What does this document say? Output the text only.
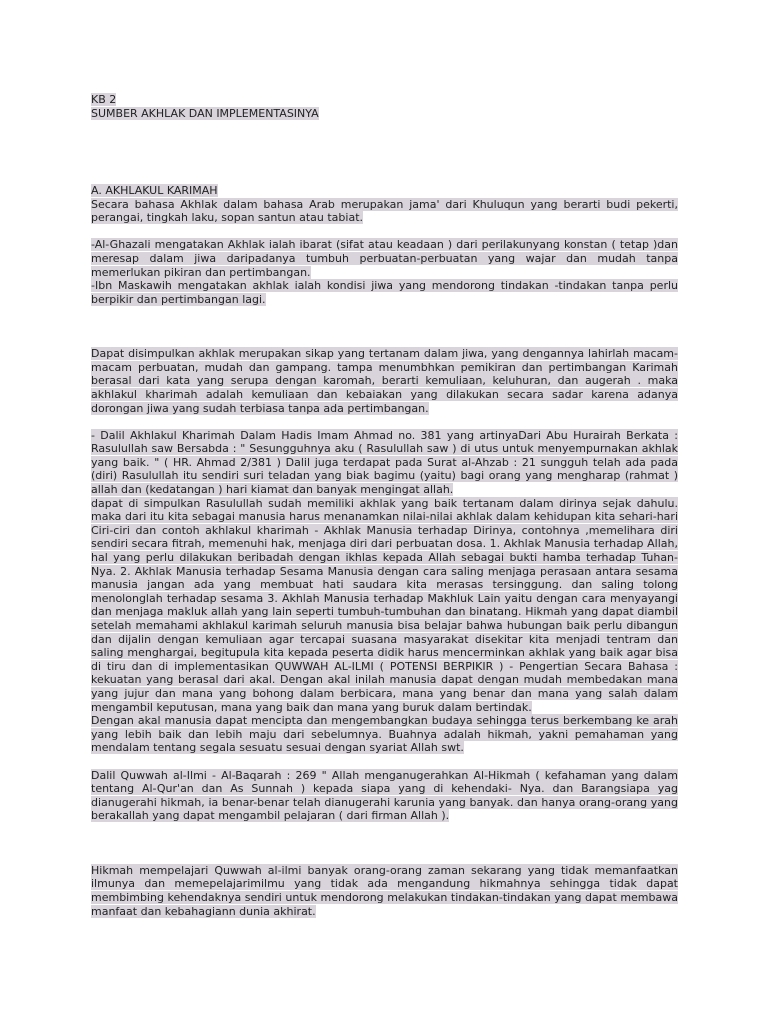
KB 2

SUMBER AKHLAK DAN IMPLEMENTASINYA

A. AKHLAKUL KARIMAH

Secara bahasa Akhlak dalam bahasa Arab merupakan jama' dari Khuluqun yang berarti budi pekerti, perangai, tingkah laku, sopan santun atau tabiat.

-Al-Ghazali mengatakan Akhlak ialah ibarat (sifat atau keadaan ) dari perilakunyang konstan ( tetap )dan meresap dalam jiwa daripadanya tumbuh perbuatan-perbuatan yang wajar dan mudah tanpa memerlukan pikiran dan pertimbangan.

-Ibn Maskawih mengatakan akhlak ialah kondisi jiwa yang mendorong tindakan -tindakan tanpa perlu berpikir dan pertimbangan lagi.

Dapat disimpulkan akhlak merupakan sikap yang tertanam dalam jiwa, yang dengannya lahirlah macam-macam perbuatan, mudah dan gampang. tampa menumbhkan pemikiran dan pertimbangan Karimah berasal dari kata yang serupa dengan karomah, berarti kemuliaan, keluhuran, dan augerah . maka akhlakul kharimah adalah kemuliaan dan kebaiakan yang dilakukan secara sadar karena adanya dorongan jiwa yang sudah terbiasa tanpa ada pertimbangan.

- Dalil Akhlakul Kharimah Dalam Hadis Imam Ahmad no. 381 yang artinyaDari Abu Hurairah Berkata : Rasulullah saw Bersabda : " Sesungguhnya aku ( Rasulullah saw ) di utus untuk menyempurnakan akhlak yang baik. " ( HR. Ahmad 2/381 ) Dalil juga terdapat pada Surat al-Ahzab : 21 sungguh telah ada pada (diri) Rasulullah itu sendiri suri teladan yang biak bagimu (yaitu) bagi orang yang mengharap (rahmat ) allah dan (kedatangan ) hari kiamat dan banyak mengingat allah.

dapat di simpulkan Rasulullah sudah memiliki akhlak yang baik tertanam dalam dirinya sejak dahulu. maka dari itu kita sebagai manusia harus menanamkan nilai-nilai akhlak dalam kehidupan kita sehari-hari Ciri-ciri dan contoh akhlakul kharimah - Akhlak Manusia terhadap Dirinya, contohnya ,memelihara diri sendiri secara fitrah, memenuhi hak, menjaga diri dari perbuatan dosa. 1. Akhlak Manusia terhadap Allah, hal yang perlu dilakukan beribadah dengan ikhlas kepada Allah sebagai bukti hamba terhadap Tuhan-Nya. 2. Akhlak Manusia terhadap Sesama Manusia dengan cara saling menjaga perasaan antara sesama manusia jangan ada yang membuat hati saudara kita merasas tersinggung. dan saling tolong menolonglah terhadap sesama 3. Akhlah Manusia terhadap Makhluk Lain yaitu dengan cara menyayangi dan menjaga makluk allah yang lain seperti tumbuh-tumbuhan dan binatang. Hikmah yang dapat diambil setelah memahami akhlakul karimah seluruh manusia bisa belajar bahwa hubungan baik perlu dibangun dan dijalin dengan kemuliaan agar tercapai suasana masyarakat disekitar kita menjadi tentram dan saling menghargai, begitupula kita kepada peserta didik harus mencerminkan akhlak yang baik agar bisa di tiru dan di implementasikan QUWWAH AL-ILMI ( POTENSI BERPIKIR ) - Pengertian Secara Bahasa : kekuatan yang berasal dari akal. Dengan akal inilah manusia dapat dengan mudah membedakan mana yang jujur dan mana yang bohong dalam berbicara, mana yang benar dan mana yang salah dalam mengambil keputusan, mana yang baik dan mana yang buruk dalam bertindak.

Dengan akal manusia dapat mencipta dan mengembangkan budaya sehingga terus berkembang ke arah yang lebih baik dan lebih maju dari sebelumnya. Buahnya adalah hikmah, yakni pemahaman yang mendalam tentang segala sesuatu sesuai dengan syariat Allah swt.

Dalil Quwwah al-Ilmi - Al-Baqarah : 269 " Allah menganugerahkan Al-Hikmah ( kefahaman yang dalam tentang Al-Qur'an dan As Sunnah ) kepada siapa yang di kehendaki- Nya. dan Barangsiapa yag dianugerahi hikmah, ia benar-benar telah dianugerahi karunia yang banyak. dan hanya orang-orang yang berakallah yang dapat mengambil pelajaran ( dari firman Allah ).

Hikmah mempelajari Quwwah al-ilmi banyak orang-orang zaman sekarang yang tidak memanfaatkan ilmunya dan memepelajarimilmu yang tidak ada mengandung hikmahnya sehingga tidak dapat membimbing kehendaknya sendiri untuk mendorong melakukan tindakan-tindakan yang dapat membawa manfaat dan kebahagiann dunia akhirat.
